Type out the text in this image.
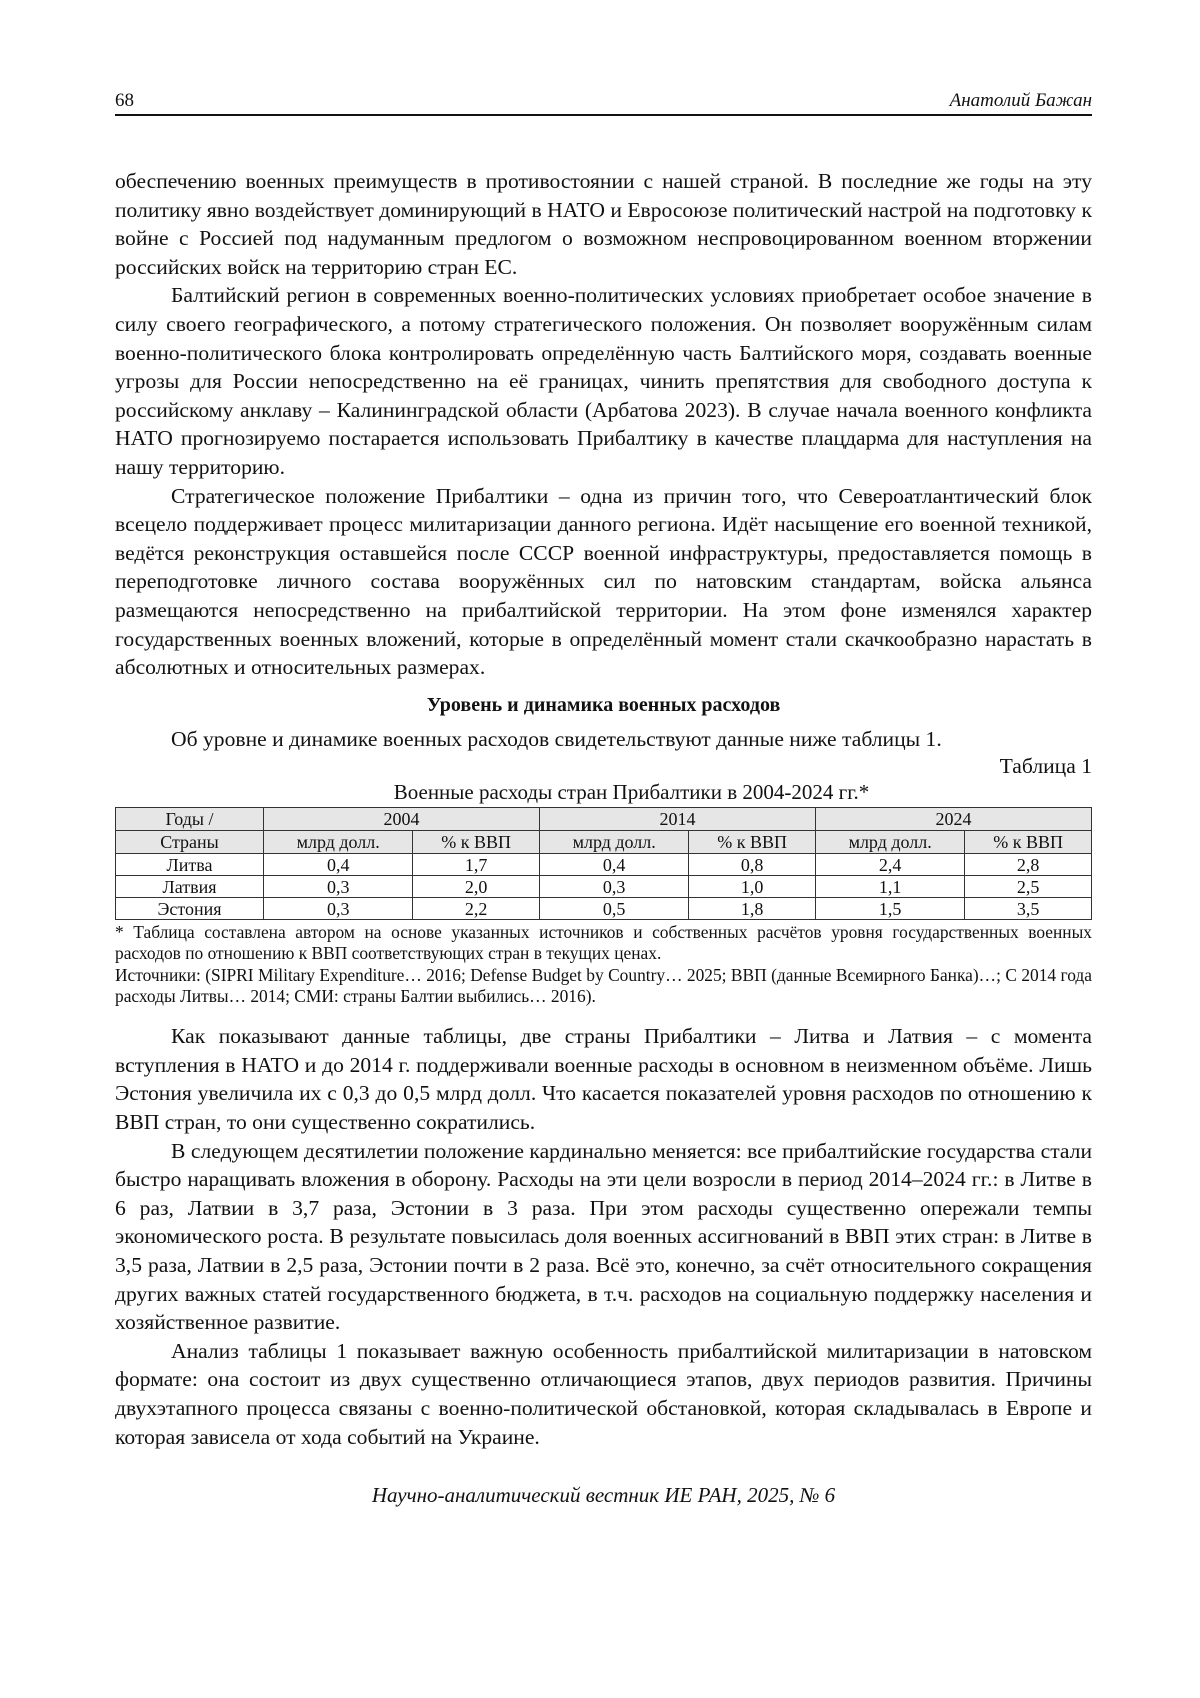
68	Анатолий Бажан

обеспечению военных преимуществ в противостоянии с нашей страной. В последние же годы на эту политику явно воздействует доминирующий в НАТО и Евросоюзе политический настрой на подготовку к войне с Россией под надуманным предлогом о возможном неспровоцированном военном вторжении российских войск на территорию стран ЕС.

Балтийский регион в современных военно-политических условиях приобретает особое значение в силу своего географического, а потому стратегического положения. Он позволяет вооружённым силам военно-политического блока контролировать определённую часть Балтийского моря, создавать военные угрозы для России непосредственно на её границах, чинить препятствия для свободного доступа к российскому анклаву – Калининградской области (Арбатова 2023). В случае начала военного конфликта НАТО прогнозируемо постарается использовать Прибалтику в качестве плацдарма для наступления на нашу территорию.

Стратегическое положение Прибалтики – одна из причин того, что Североатлантический блок всецело поддерживает процесс милитаризации данного региона. Идёт насыщение его военной техникой, ведётся реконструкция оставшейся после СССР военной инфраструктуры, предоставляется помощь в переподготовке личного состава вооружённых сил по натовским стандартам, войска альянса размещаются непосредственно на прибалтийской территории. На этом фоне изменялся характер государственных военных вложений, которые в определённый момент стали скачкообразно нарастать в абсолютных и относительных размерах.

Уровень и динамика военных расходов

Об уровне и динамике военных расходов свидетельствуют данные ниже таблицы 1.

Таблица 1

Военные расходы стран Прибалтики в 2004-2024 гг.*

Годы /	2004		2014		2024	
Страны	млрд долл.	% к ВВП	млрд долл.	% к ВВП	млрд долл.	% к ВВП
Литва	0,4	1,7	0,4	0,8	2,4	2,8
Латвия	0,3	2,0	0,3	1,0	1,1	2,5
Эстония	0,3	2,2	0,5	1,8	1,5	3,5
* Таблица составлена автором на основе указанных источников и собственных расчётов уровня государственных военных расходов по отношению к ВВП соответствующих стран в текущих ценах.
Источники: (SIPRI Military Expenditure… 2016; Defense Budget by Country… 2025; ВВП (данные Всемирного Банка)…; С 2014 года расходы Литвы… 2014; СМИ: страны Балтии выбились… 2016).

Как показывают данные таблицы, две страны Прибалтики – Литва и Латвия – с момента вступления в НАТО и до 2014 г. поддерживали военные расходы в основном в неизменном объёме. Лишь Эстония увеличила их с 0,3 до 0,5 млрд долл. Что касается показателей уровня расходов по отношению к ВВП стран, то они существенно сократились.

В следующем десятилетии положение кардинально меняется: все прибалтийские государства стали быстро наращивать вложения в оборону. Расходы на эти цели возросли в период 2014–2024 гг.: в Литве в 6 раз, Латвии в 3,7 раза, Эстонии в 3 раза. При этом расходы существенно опережали темпы экономического роста. В результате повысилась доля военных ассигнований в ВВП этих стран: в Литве в 3,5 раза, Латвии в 2,5 раза, Эстонии почти в 2 раза. Всё это, конечно, за счёт относительного сокращения других важных статей государственного бюджета, в т.ч. расходов на социальную поддержку населения и хозяйственное развитие.

Анализ таблицы 1 показывает важную особенность прибалтийской милитаризации в натовском формате: она состоит из двух существенно отличающиеся этапов, двух периодов развития. Причины двухэтапного процесса связаны с военно-политической обстановкой, которая складывалась в Европе и которая зависела от хода событий на Украине.

Научно-аналитический вестник ИЕ РАН, 2025, № 6
